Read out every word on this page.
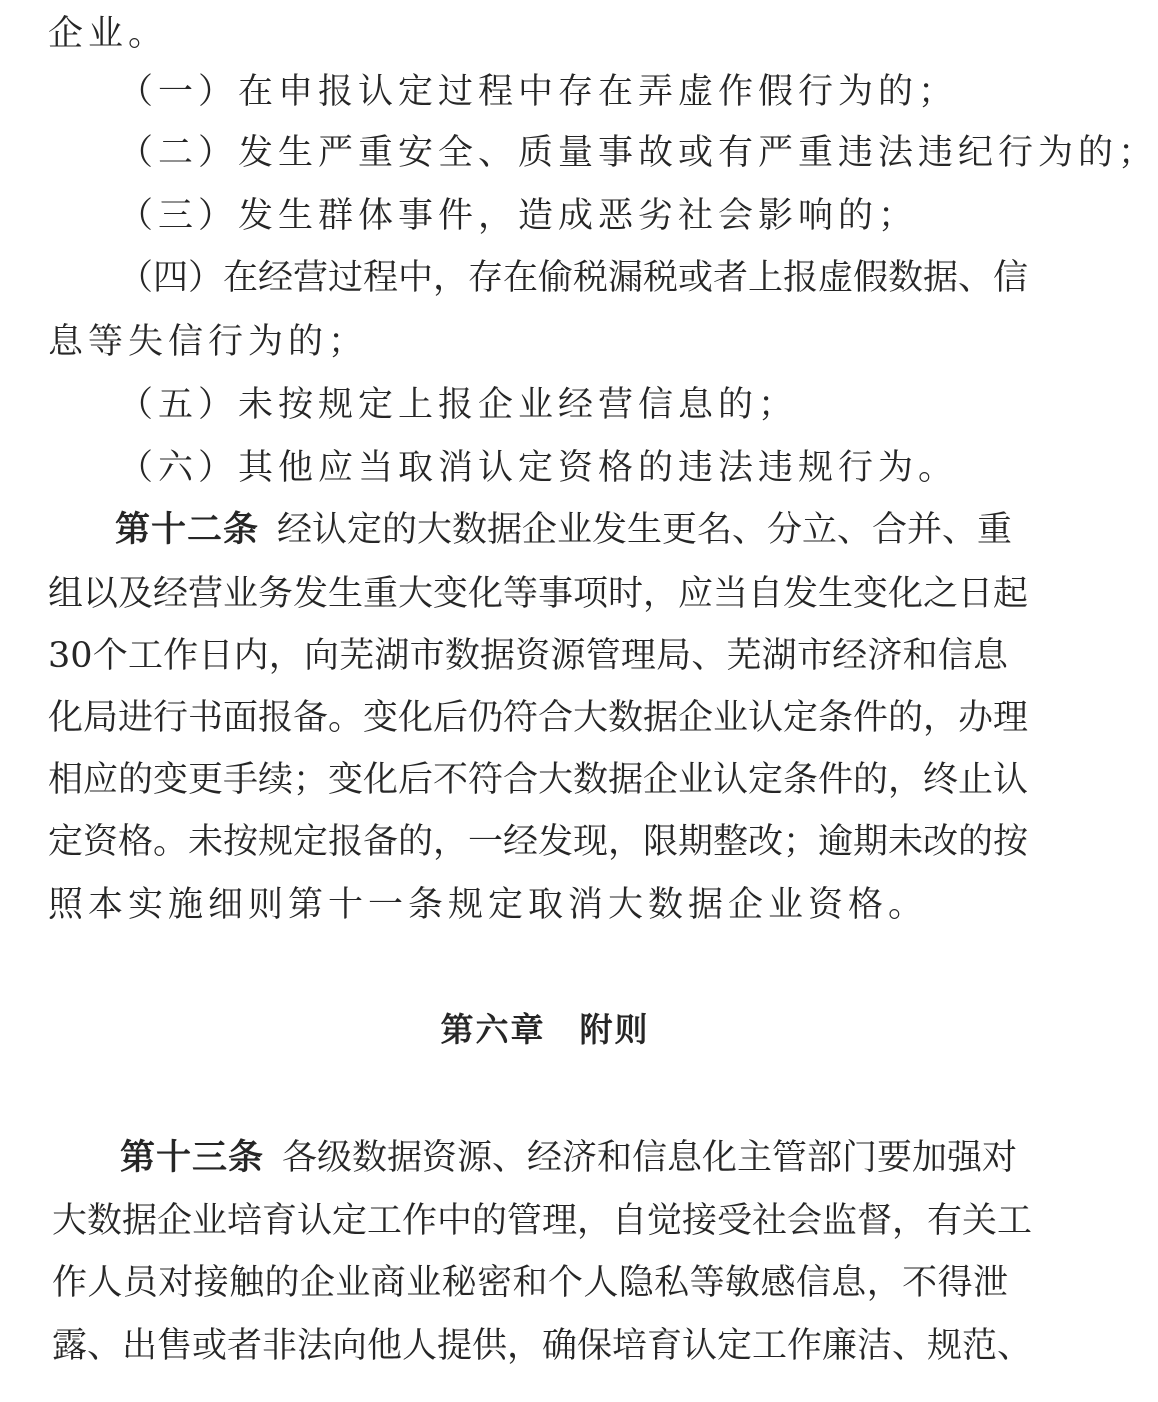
企业。
（一）在申报认定过程中存在弄虚作假行为的；
（二）发生严重安全、质量事故或有严重违法违纪行为的；
（三）发生群体事件，造成恶劣社会影响的；
（四）在经营过程中，存在偷税漏税或者上报虚假数据、信
息等失信行为的；
（五）未按规定上报企业经营信息的；
（六）其他应当取消认定资格的违法违规行为。
第十二条 经认定的大数据企业发生更名、分立、合并、重
组以及经营业务发生重大变化等事项时，应当自发生变化之日起
30个工作日内，向芜湖市数据资源管理局、芜湖市经济和信息
化局进行书面报备。变化后仍符合大数据企业认定条件的，办理
相应的变更手续；变化后不符合大数据企业认定条件的，终止认
定资格。未按规定报备的，一经发现，限期整改；逾期未改的按
照本实施细则第十一条规定取消大数据企业资格。
第六章 附则
第十三条 各级数据资源、经济和信息化主管部门要加强对
大数据企业培育认定工作中的管理，自觉接受社会监督，有关工
作人员对接触的企业商业秘密和个人隐私等敏感信息，不得泄
露、出售或者非法向他人提供，确保培育认定工作廉洁、规范、
